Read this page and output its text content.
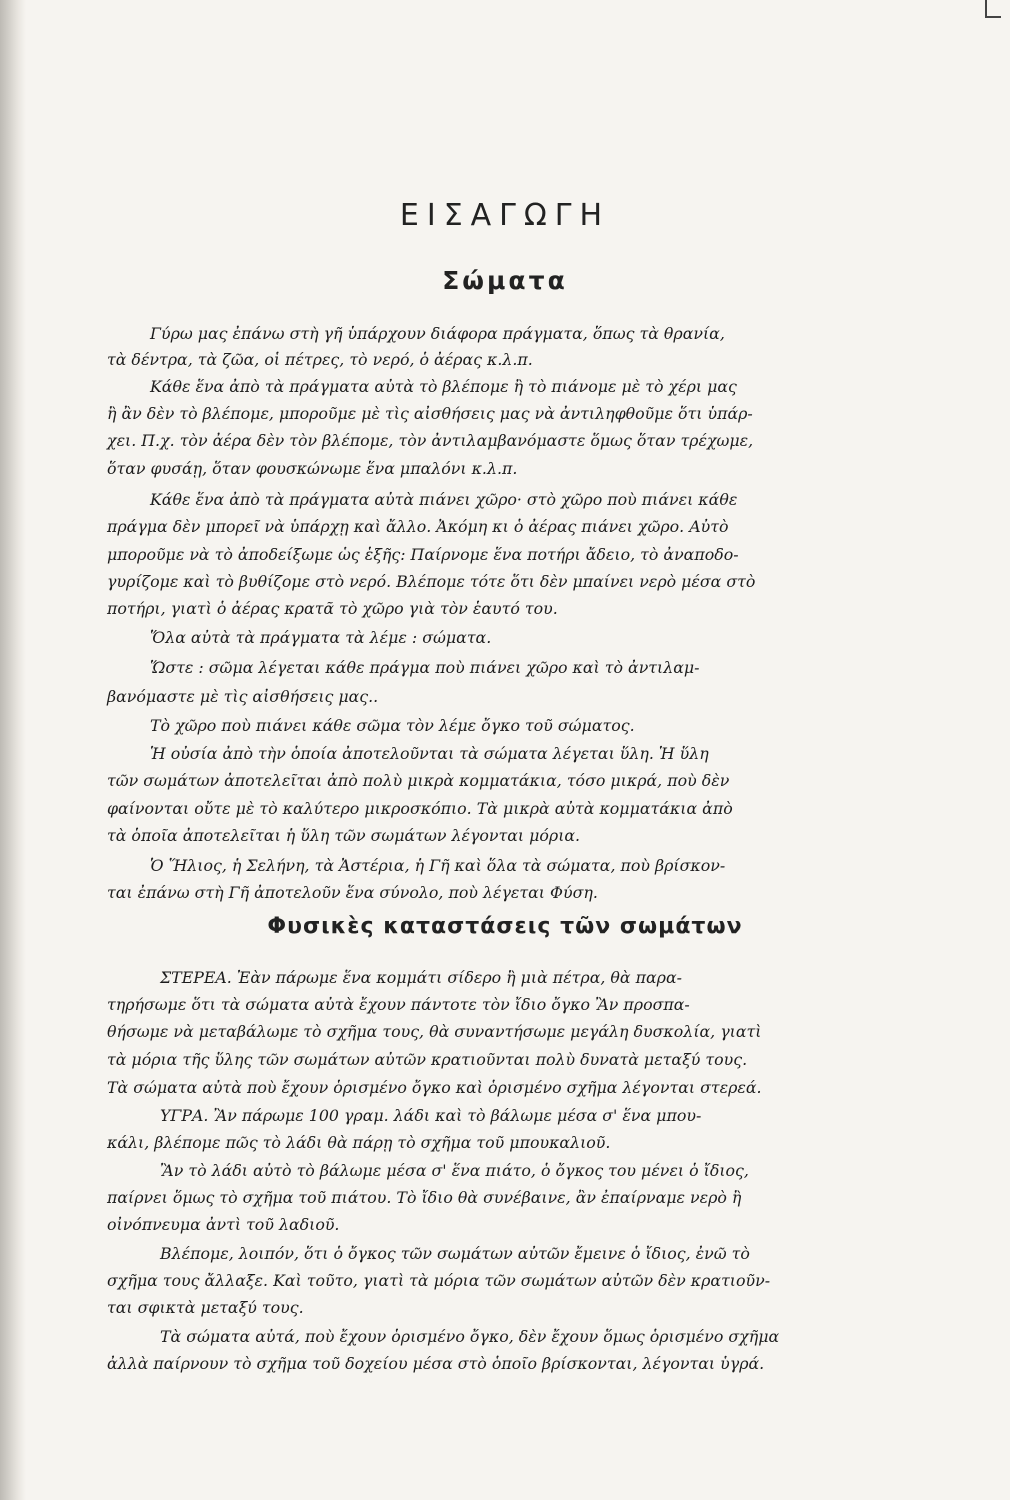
ΕΙΣΑΓΩΓΗ
Σώματα
Γύρω μας ἐπάνω στὴ γῆ ὑπάρχουν διάφορα πράγματα, ὅπως τὰ θρανία,
τὰ δέντρα, τὰ ζῶα, οἱ πέτρες, τὸ νερό, ὁ ἀέρας κ.λ.π.
Κάθε ἕνα ἀπὸ τὰ πράγματα αὐτὰ τὸ βλέπομε ἢ τὸ πιάνομε μὲ τὸ χέρι μας
ἢ ἂν δὲν τὸ βλέπομε, μποροῦμε μὲ τὶς αἰσθήσεις μας νὰ ἀντιληφθοῦμε ὅτι ὑπάρ-
χει. Π.χ. τὸν ἀέρα δὲν τὸν βλέπομε, τὸν ἀντιλαμβανόμαστε ὅμως ὅταν τρέχωμε,
ὅταν φυσάῃ, ὅταν φουσκώνωμε ἕνα μπαλόνι κ.λ.π.
Κάθε ἕνα ἀπὸ τὰ πράγματα αὐτὰ πιάνει χῶρο· στὸ χῶρο ποὺ πιάνει κάθε
πράγμα δὲν μπορεῖ νὰ ὑπάρχῃ καὶ ἄλλο. Ἀκόμη κι ὁ ἀέρας πιάνει χῶρο. Αὐτὸ
μποροῦμε νὰ τὸ ἀποδείξωμε ὡς ἑξῆς: Παίρνομε ἕνα ποτήρι ἄδειο, τὸ ἀναποδο-
γυρίζομε καὶ τὸ βυθίζομε στὸ νερό. Βλέπομε τότε ὅτι δὲν μπαίνει νερὸ μέσα στὸ
ποτήρι, γιατὶ ὁ ἀέρας κρατᾶ τὸ χῶρο γιὰ τὸν ἑαυτό του.
Ὅλα αὐτὰ τὰ πράγματα τὰ λέμε : σώματα.
Ὥστε : σῶμα λέγεται κάθε πράγμα ποὺ πιάνει χῶρο καὶ τὸ ἀντιλαμ-
βανόμαστε μὲ τὶς αἰσθήσεις μας..
Τὸ χῶρο ποὺ πιάνει κάθε σῶμα τὸν λέμε ὄγκο τοῦ σώματος.
Ἡ οὐσία ἀπὸ τὴν ὁποία ἀποτελοῦνται τὰ σώματα λέγεται ὕλη. Ἡ ὕλη
τῶν σωμάτων ἀποτελεῖται ἀπὸ πολὺ μικρὰ κομματάκια, τόσο μικρά, ποὺ δὲν
φαίνονται οὔτε μὲ τὸ καλύτερο μικροσκόπιο. Τὰ μικρὰ αὐτὰ κομματάκια ἀπὸ
τὰ ὁποῖα ἀποτελεῖται ἡ ὕλη τῶν σωμάτων λέγονται μόρια.
Ὁ Ἥλιος, ἡ Σελήνη, τὰ Ἀστέρια, ἡ Γῆ καὶ ὅλα τὰ σώματα, ποὺ βρίσκον-
ται ἐπάνω στὴ Γῆ ἀποτελοῦν ἕνα σύνολο, ποὺ λέγεται Φύση.
Φυσικὲς καταστάσεις τῶν σωμάτων
ΣΤΕΡΕΑ. Ἐὰν πάρωμε ἕνα κομμάτι σίδερο ἢ μιὰ πέτρα, θὰ παρα-
τηρήσωμε ὅτι τὰ σώματα αὐτὰ ἔχουν πάντοτε τὸν ἴδιο ὄγκο Ἂν προσπα-
θήσωμε νὰ μεταβάλωμε τὸ σχῆμα τους, θὰ συναντήσωμε μεγάλη δυσκολία, γιατὶ
τὰ μόρια τῆς ὕλης τῶν σωμάτων αὐτῶν κρατιοῦνται πολὺ δυνατὰ μεταξύ τους.
Τὰ σώματα αὐτὰ ποὺ ἔχουν ὁρισμένο ὄγκο καὶ ὁρισμένο σχῆμα λέγονται στερεά.
ΥΓΡΑ. Ἂν πάρωμε 100 γραμ. λάδι καὶ τὸ βάλωμε μέσα σ' ἕνα μπου-
κάλι, βλέπομε πῶς τὸ λάδι θὰ πάρῃ τὸ σχῆμα τοῦ μπουκαλιοῦ.
Ἂν τὸ λάδι αὐτὸ τὸ βάλωμε μέσα σ' ἕνα πιάτο, ὁ ὄγκος του μένει ὁ ἴδιος,
παίρνει ὅμως τὸ σχῆμα τοῦ πιάτου. Τὸ ἴδιο θὰ συνέβαινε, ἂν ἐπαίρναμε νερὸ ἢ
οἰνόπνευμα ἀντὶ τοῦ λαδιοῦ.
Βλέπομε, λοιπόν, ὅτι ὁ ὄγκος τῶν σωμάτων αὐτῶν ἔμεινε ὁ ἴδιος, ἐνῶ τὸ
σχῆμα τους ἄλλαξε. Καὶ τοῦτο, γιατὶ τὰ μόρια τῶν σωμάτων αὐτῶν δὲν κρατιοῦν-
ται σφικτὰ μεταξύ τους.
Τὰ σώματα αὐτά, ποὺ ἔχουν ὁρισμένο ὄγκο, δὲν ἔχουν ὅμως ὁρισμένο σχῆμα
ἀλλὰ παίρνουν τὸ σχῆμα τοῦ δοχείου μέσα στὸ ὁποῖο βρίσκονται, λέγονται ὑγρά.
